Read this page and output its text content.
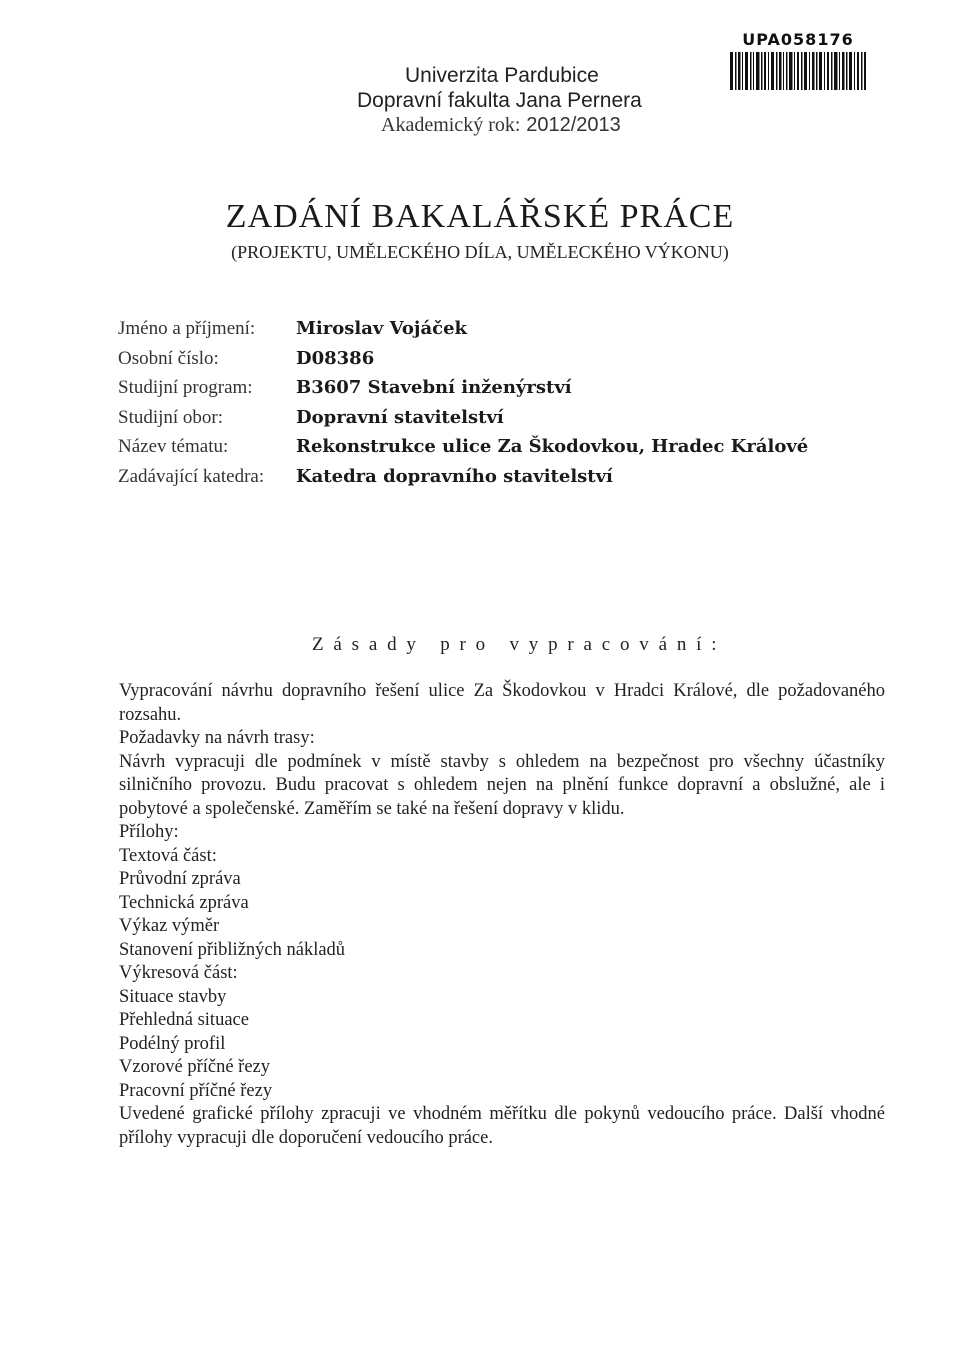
UPA058176
Univerzita Pardubice
Dopravní fakulta Jana Pernera
Akademický rok: 2012/2013
ZADÁNÍ BAKALÁŘSKÉ PRÁCE
(PROJEKTU, UMĚLECKÉHO DÍLA, UMĚLECKÉHO VÝKONU)
Jméno a příjmení: Miroslav Vojáček
Osobní číslo:	D08386
Studijní program: B3607 Stavební inženýrství
Studijní obor:	Dopravní stavitelství
Název tématu:	Rekonstrukce ulice Za Škodovkou, Hradec Králové
Zadávající katedra: Katedra dopravního stavitelství
Zásady pro vypracování:

Vypracování návrhu dopravního řešení ulice Za Škodovkou v Hradci Králové, dle požadovaného rozsahu.

Požadavky na návrh trasy:

Návrh vypracuji dle podmínek v místě stavby s ohledem na bezpečnost pro všechny účastníky silničního provozu. Budu pracovat s ohledem nejen na plnění funkce dopravní a obslužné, ale i pobytové a společenské. Zaměřím se také na řešení dopravy v klidu.

Přílohy:
Textová část:
Průvodní zpráva
Technická zpráva
Výkaz výměr
Stanovení přibližných nákladů
Výkresová část:
Situace stavby
Přehledná situace
Podélný profil
Vzorové příčné řezy
Pracovní příčné řezy

Uvedené grafické přílohy zpracuji ve vhodném měřítku dle pokynů vedoucího práce. Další vhodné přílohy vypracuji dle doporučení vedoucího práce.
